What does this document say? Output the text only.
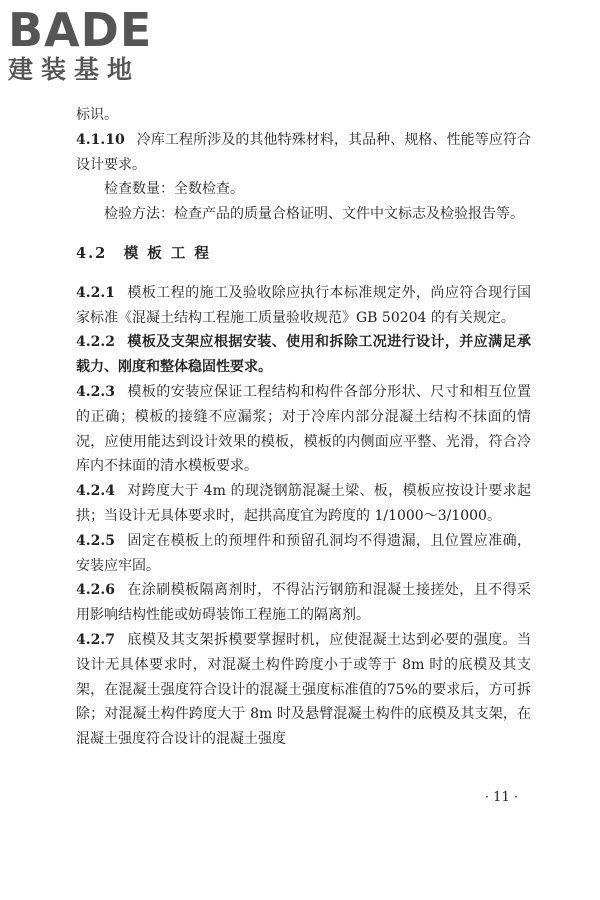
BADE
建装基地

标识。

4.1.10 冷库工程所涉及的其他特殊材料，其品种、规格、性能等应符合设计要求。

检查数量：全数检查。

检验方法：检查产品的质量合格证明、文件中文标志及检验报告等。

4.2　模 板 工 程

4.2.1 模板工程的施工及验收除应执行本标准规定外，尚应符合现行国家标准《混凝土结构工程施工质量验收规范》GB 50204 的有关规定。

4.2.2 模板及支架应根据安装、使用和拆除工况进行设计，并应满足承载力、刚度和整体稳固性要求。

4.2.3 模板的安装应保证工程结构和构件各部分形状、尺寸和相互位置的正确；模板的接缝不应漏浆；对于冷库内部分混凝土结构不抹面的情况，应使用能达到设计效果的模板，模板的内侧面应平整、光滑，符合冷库内不抹面的清水模板要求。

4.2.4 对跨度大于 4m 的现浇钢筋混凝土梁、板，模板应按设计要求起拱；当设计无具体要求时，起拱高度宜为跨度的 1/1000～3/1000。

4.2.5 固定在模板上的预埋件和预留孔洞均不得遗漏，且位置应准确，安装应牢固。

4.2.6 在涂刷模板隔离剂时，不得沾污钢筋和混凝土接搓处，且不得采用影响结构性能或妨碍装饰工程施工的隔离剂。

4.2.7 底模及其支架拆模要掌握时机，应使混凝土达到必要的强度。当设计无具体要求时，对混凝土构件跨度小于或等于 8m 时的底模及其支架，在混凝土强度符合设计的混凝土强度标准值的75%的要求后，方可拆除；对混凝土构件跨度大于 8m 时及悬臂混凝土构件的底模及其支架，在混凝土强度符合设计的混凝土强度

· 11 ·
